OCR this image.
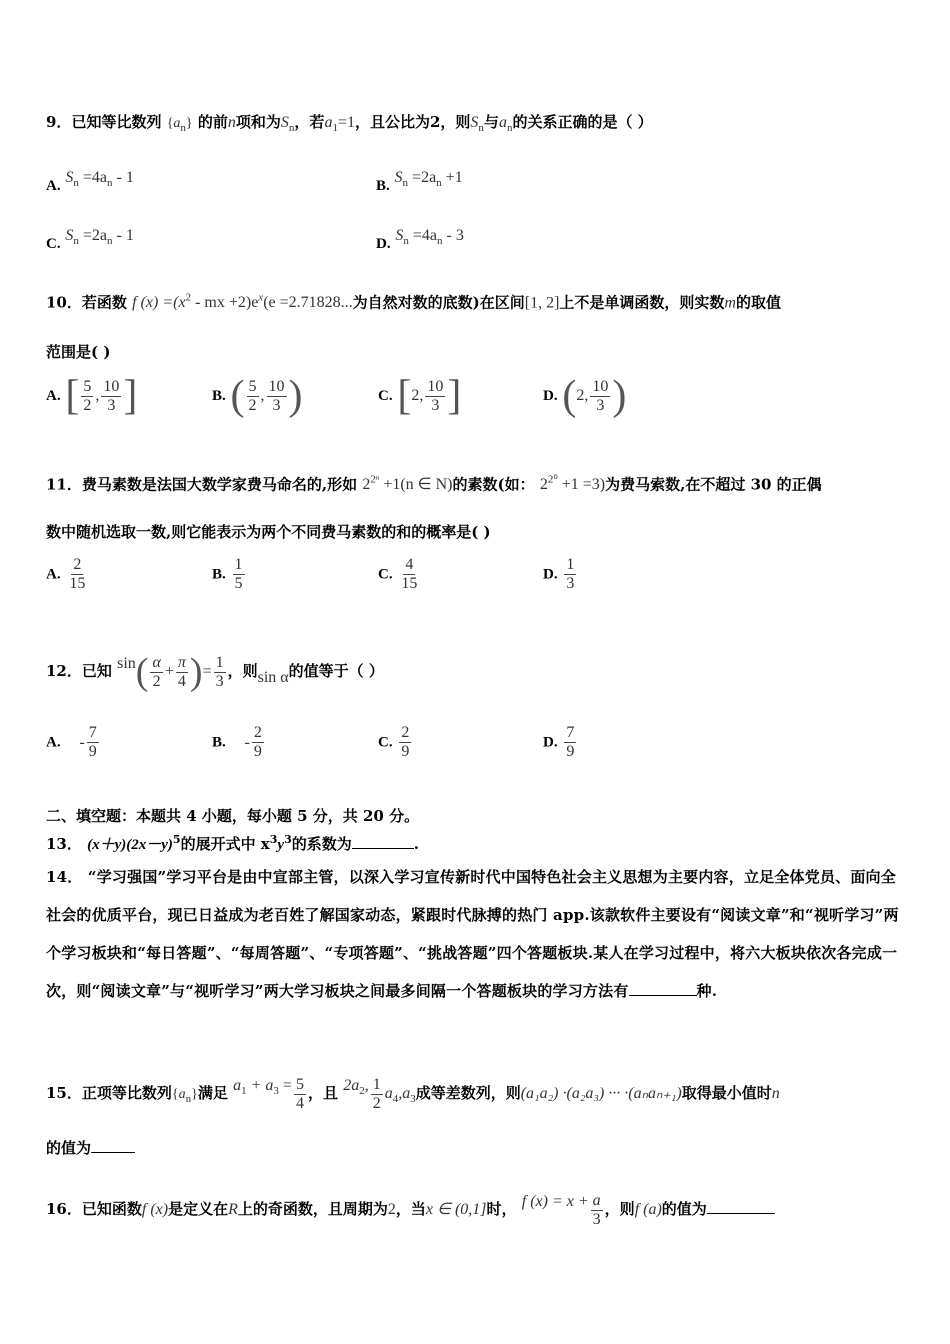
9．已知等比数列 $\{a_n\}$ 的前n项和为$S_n$，若$a_1=1$，且公比为2，则$S_n$与$a_n$的关系正确的是（ ）
A. $S_n =4a_n - 1$	B. $S_n =2a_n +1$
C. $S_n =2a_n - 1$	D. $S_n =4a_n - 3$
10．若函数 f $(x) =(x^2$ - mx $+2)e^x(e =2.71828$...为自然对数的底数)在区间[1, 2]上不是单调函数，则实数m的取值
范围是( )
A. [ $\frac{5}{2}$ , $\frac{10}{3}$ ]	B. ( $\frac{5}{2}$ , $\frac{10}{3}$ )	C. [2, $\frac{10}{3}$ ]	D. (2, $\frac{10}{3}$ )
11．费马素数是法国大数学家费马命名的,形如 $2^{2^n} +1(n$ ∈ N)的素数(如： $2^{2^0} +1 =3$)为费马索数,在不超过 30 的正偶
数中随机选取一数,则它能表示为两个不同费马素数的和的概率是( )
A. $\frac{2}{15}$	B. $\frac{1}{5}$	C. $\frac{4}{15}$	D. $\frac{1}{3}$
12．已知 $\sin( \frac{\alpha}{2} + \frac{\pi}{4}$ )= $\frac{1}{3}$ ，则sin α的值等于（ ）
A. - $\frac{7}{9}$	B. - $\frac{2}{9}$	C. $\frac{2}{9}$	D. $\frac{7}{9}$
二、填空题：本题共 4 小题，每小题 5 分，共 20 分。
13． $(x+y)(2x-y)^5$的展开式中 $x^3y^3$的系数为	.
14． “学习强国”学习平台是由中宣部主管，以深入学习宣传新时代中国特色社会主义思想为主要内容，立足全体党员、面向全社会的优质平台，现已日益成为老百姓了解国家动态，紧跟时代脉搏的热门 app.该款软件主要设有“阅读文章”和“视听学习”两个学习板块和“每日答题”、“每周答题”、“专项答题”、“挑战答题”四个答题板块.某人在学习过程中，将六大板块依次各完成一次，则“阅读文章”与“视听学习”两大学习板块之间最多间隔一个答题板块的学习方法有	种.
15．正项等比数列$\{a_n\}$满足 $a_1 + a_3 = \frac{5}{4}$ ，且 $2a_2$, $\frac{1}{2} a_4,a_3$成等差数列，则(a₁a₂) ·(a₂a₃) ··· ·(aₙaₙ₊₁)取得最小值时n
的值为
16．已知函数f (x)是定义在R上的奇函数，且周期为2，当x ∈ (0,1]时， f $(x) = x + \frac{a}{3}$ ，则f (a)的值为
